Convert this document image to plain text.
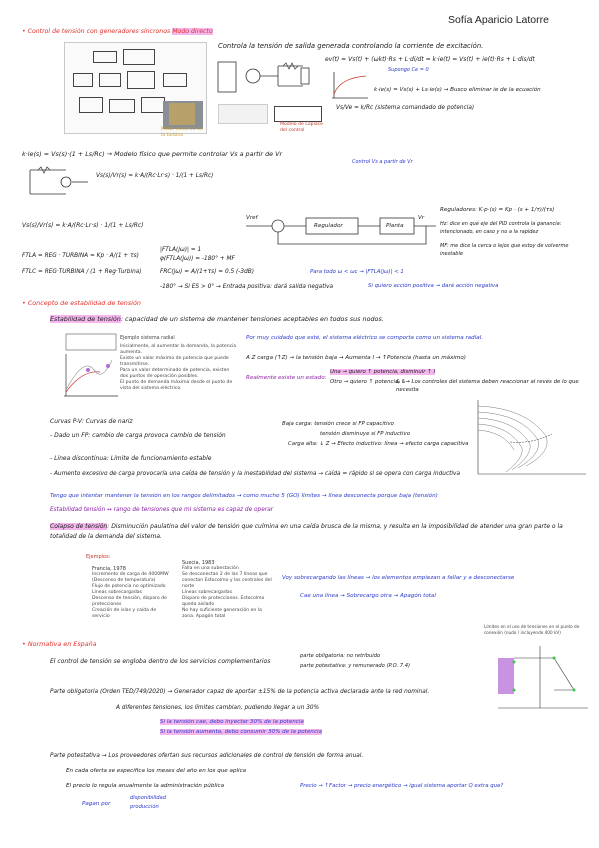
Sofía Aparicio Latorre
• Control de tensión con generadores síncronos Modo directo
Motor eléctrico de la turbina
Controla la tensión de salida generada controlando la corriente de excitación.
ev(t) = Vs(t) + (ωkt)·Rs + L·di/dt = k·ie(t) = Vs(t) + ie(t)·Rs + L·dis/dt
Supongo Ce = 0
k·ie(s) = Vs(s) + Ls·ie(s) → Busco eliminar ie de la ecuación
Modelo de Laplace del control
Vs/Ve = k/Rc (sistema comandado de potencia)
k·ie(s) = Vs(s)·(1 + Ls/Rc) → Modelo físico que permite controlar Vs a partir de Vr
Control Vs a partir de Vr
Vs(s)/Vr(s) = k·A/(Rc·Lr·s) · 1/(1 + Ls/Rc)
Vs(s)/Vr(s) = k·A/(Rc·Lr·s) · 1/(1 + Ls/Rc)
FTLA = REG · TURBINA = Kp · A/(1 + τs)
FTLC = REG·TURBINA / (1 + Reg·Turbina)
Vref
Regulador	Planta
Vr
Reguladores: K·p·(s) = Kp · (s + 1/τ)/(τs)
Hz: dice en qué eje del PID controla la ganancia: intencionado, en caso y no a la rapidez
MF: me dice la cerca o lejos que estoy de volverme inestable
|FTLA(jω)| = 1
φ(FTLA(jω)) = -180° + MF
FRC(jω) = A/(1+τs) = 0.5 (-3dB)	Para todo ω < ωc → |FTLA(jω)| < 1
-180° → Si ES > 0° → Entrada positiva: dará salida negativa	Si quiero acción positiva → dará acción negativa
• Concepto de estabilidad de tensión
Estabilidad de tensión: capacidad de un sistema de mantener tensiones aceptables en todos sus nodos.
Ejemplo sistema radial
Inicialmente, al aumentar la demanda, la potencia aumenta.
Existe un valor máximo de potencia que puede transmitirse.
Para un valor determinado de potencia, existen dos puntos de operación posibles.
El punto de demanda máxima desde el punto de vista del sistema eléctrico.
Por muy cuidado que esté, el sistema eléctrico se comporta como un sistema radial.
A Z carga (↑Z) → la tensión baja → Aumenta I → ↑Potencia (hasta un máximo)
Realmente existe un estado:
Una → quiero ↑ potencia, disminuir ↑ I
Otro → quiero ↑ potencia, ↓
& I → Los controles del sistema deben reaccionar al revés de lo que necesita
Curvas P-V: Curvas de nariz
- Dado un FP: cambio de carga provoca cambio de tensión
Baja carga: tensión crece si FP capacitivo
tensión disminuye si FP inductivo
Carga alta: ↓ Z → Efecto inductivo: línea → efecto carga capacitiva
- Línea discontinua: Límite de funcionamiento estable
- Aumento excesivo de carga provocaría una caída de tensión y la inestabilidad del sistema → caída = rápido si se opera con carga inductiva
Tengo que intentar mantener la tensión en los rangos delimitados → como mucho 5 (GO) límites → línea desconecta porque baja (tensión)
Estabilidad tensión ↔ rango de tensiones que mi sistema es capaz de operar
Colapso de tensión: Disminución paulatina del valor de tensión que culmina en una caída brusca de la misma, y resulta en la imposibilidad de atender una gran parte o la totalidad de la demanda del sistema.
Ejemplos:
Francia, 1978
Incremento de carga de 4000MW (Descenso de temperatura)
Flujo de potencia no optimizado
Líneas sobrecargadas
Descenso de tensión, disparo de protecciones
Creación de islas y caída de servicio
Suecia, 1983
Falla en una subestación
Se desconectan 2 de las 7 líneas que conectan Estocolmo y las centrales del norte
Líneas sobrecargadas
Disparo de protecciones. Estocolmo queda aislado
No hay suficiente generación en la zona. Apagón total
Voy sobrecargando las líneas → los elementos empiezan a fallar y a desconectarse
Cae una línea → Sobrecargo otra → Apagón total
• Normativa en España
El control de tensión se engloba dentro de los servicios complementarios
parte obligatoria: no retribuido
parte potestativa: y remunerado (P.O. 7.4)
Límites en el uso de tensiones en el punto de conexión (nudo / incluyendo 400 kV)
Parte obligatoria (Orden TED/749/2020) → Generador capaz de aportar ±15% de la potencia activa declarada ante la red nominal.
A diferentes tensiones, los límites cambian, pudiendo llegar a un 30%
Si la tensión cae, debo inyectar 30% de la potencia
Si la tensión aumenta, debo consumir 30% de la potencia
Parte potestativa → Los proveedores ofertan sus recursos adicionales de control de tensión de forma anual.
En cada oferta se especifica los meses del año en los que aplica
El precio lo regula anualmente la administración pública	Precio → ↑Factor → precio energético → igual sistema aportar Q extra que?
Pagan por
disponibilidad
producción
